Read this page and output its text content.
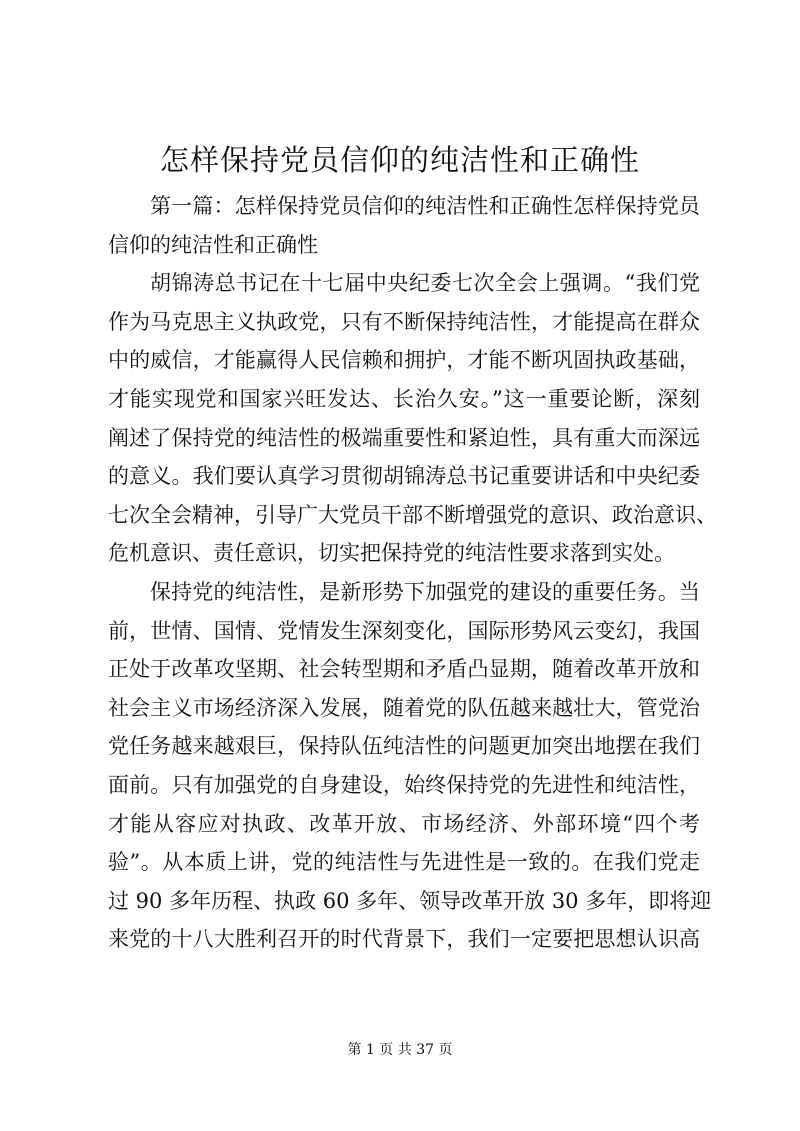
怎样保持党员信仰的纯洁性和正确性
第一篇：怎样保持党员信仰的纯洁性和正确性怎样保持党员
信仰的纯洁性和正确性
胡锦涛总书记在十七届中央纪委七次全会上强调。“我们党
作为马克思主义执政党，只有不断保持纯洁性，才能提高在群众
中的威信，才能赢得人民信赖和拥护，才能不断巩固执政基础，
才能实现党和国家兴旺发达、长治久安。”这一重要论断，深刻
阐述了保持党的纯洁性的极端重要性和紧迫性，具有重大而深远
的意义。我们要认真学习贯彻胡锦涛总书记重要讲话和中央纪委
七次全会精神，引导广大党员干部不断增强党的意识、政治意识、
危机意识、责任意识，切实把保持党的纯洁性要求落到实处。
保持党的纯洁性，是新形势下加强党的建设的重要任务。当
前，世情、国情、党情发生深刻变化，国际形势风云变幻，我国
正处于改革攻坚期、社会转型期和矛盾凸显期，随着改革开放和
社会主义市场经济深入发展，随着党的队伍越来越壮大，管党治
党任务越来越艰巨，保持队伍纯洁性的问题更加突出地摆在我们
面前。只有加强党的自身建设，始终保持党的先进性和纯洁性，
才能从容应对执政、改革开放、市场经济、外部环境“四个考
验”。从本质上讲，党的纯洁性与先进性是一致的。在我们党走
过 90 多年历程、执政 60 多年、领导改革开放 30 多年，即将迎
来党的十八大胜利召开的时代背景下，我们一定要把思想认识高
第 1 页 共 37 页
